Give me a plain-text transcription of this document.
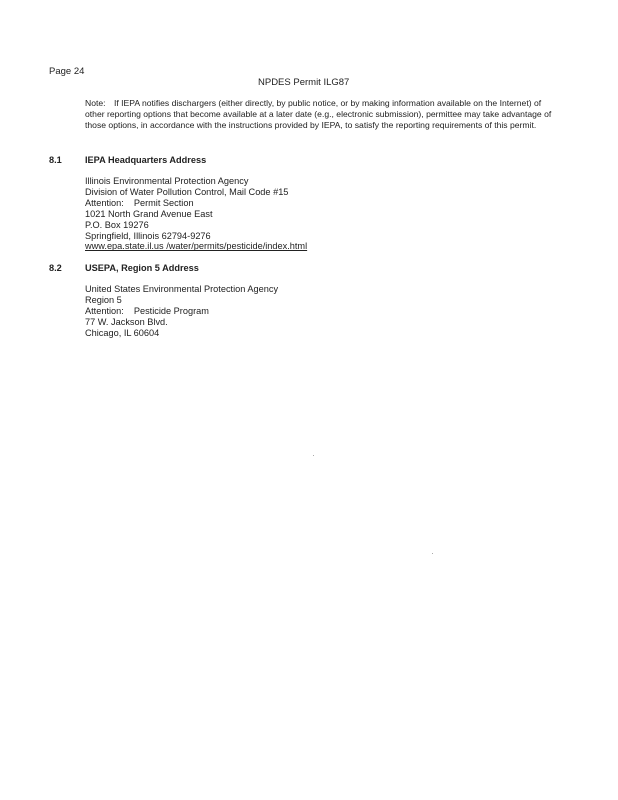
Page 24
NPDES Permit ILG87
Note: If IEPA notifies dischargers (either directly, by public notice, or by making information available on the Internet) of other reporting options that become available at a later date (e.g., electronic submission), permittee may take advantage of those options, in accordance with the instructions provided by IEPA, to satisfy the reporting requirements of this permit.
8.1	IEPA Headquarters Address
Illinois Environmental Protection Agency
Division of Water Pollution Control, Mail Code #15
Attention: Permit Section
1021 North Grand Avenue East
P.O. Box 19276
Springfield, Illinois 62794-9276
www.epa.state.il.us /water/permits/pesticide/index.html
8.2	USEPA, Region 5 Address
United States Environmental Protection Agency
Region 5
Attention: Pesticide Program
77 W. Jackson Blvd.
Chicago, IL 60604
